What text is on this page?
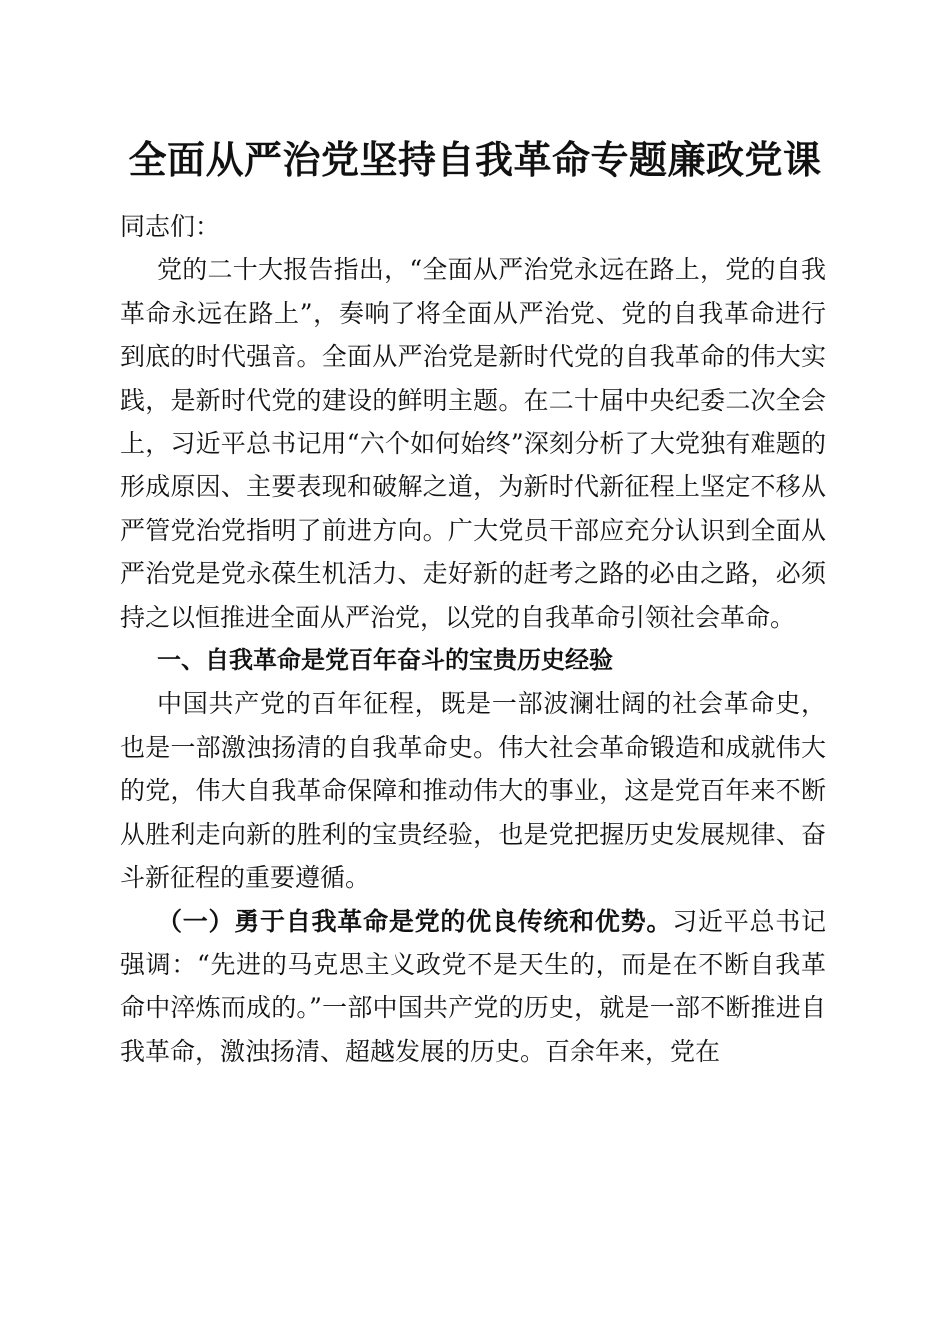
全面从严治党坚持自我革命专题廉政党课

同志们：

党的二十大报告指出，“全面从严治党永远在路上，党的自我革命永远在路上”，奏响了将全面从严治党、党的自我革命进行到底的时代强音。全面从严治党是新时代党的自我革命的伟大实践，是新时代党的建设的鲜明主题。在二十届中央纪委二次全会上，习近平总书记用“六个如何始终”深刻分析了大党独有难题的形成原因、主要表现和破解之道，为新时代新征程上坚定不移从严管党治党指明了前进方向。广大党员干部应充分认识到全面从严治党是党永葆生机活力、走好新的赶考之路的必由之路，必须持之以恒推进全面从严治党，以党的自我革命引领社会革命。

一、自我革命是党百年奋斗的宝贵历史经验

中国共产党的百年征程，既是一部波澜壮阔的社会革命史，也是一部激浊扬清的自我革命史。伟大社会革命锻造和成就伟大的党，伟大自我革命保障和推动伟大的事业，这是党百年来不断从胜利走向新的胜利的宝贵经验，也是党把握历史发展规律、奋斗新征程的重要遵循。

（一）勇于自我革命是党的优良传统和优势。习近平总书记强调：“先进的马克思主义政党不是天生的，而是在不断自我革命中淬炼而成的。”一部中国共产党的历史，就是一部不断推进自我革命，激浊扬清、超越发展的历史。百余年来，党在
